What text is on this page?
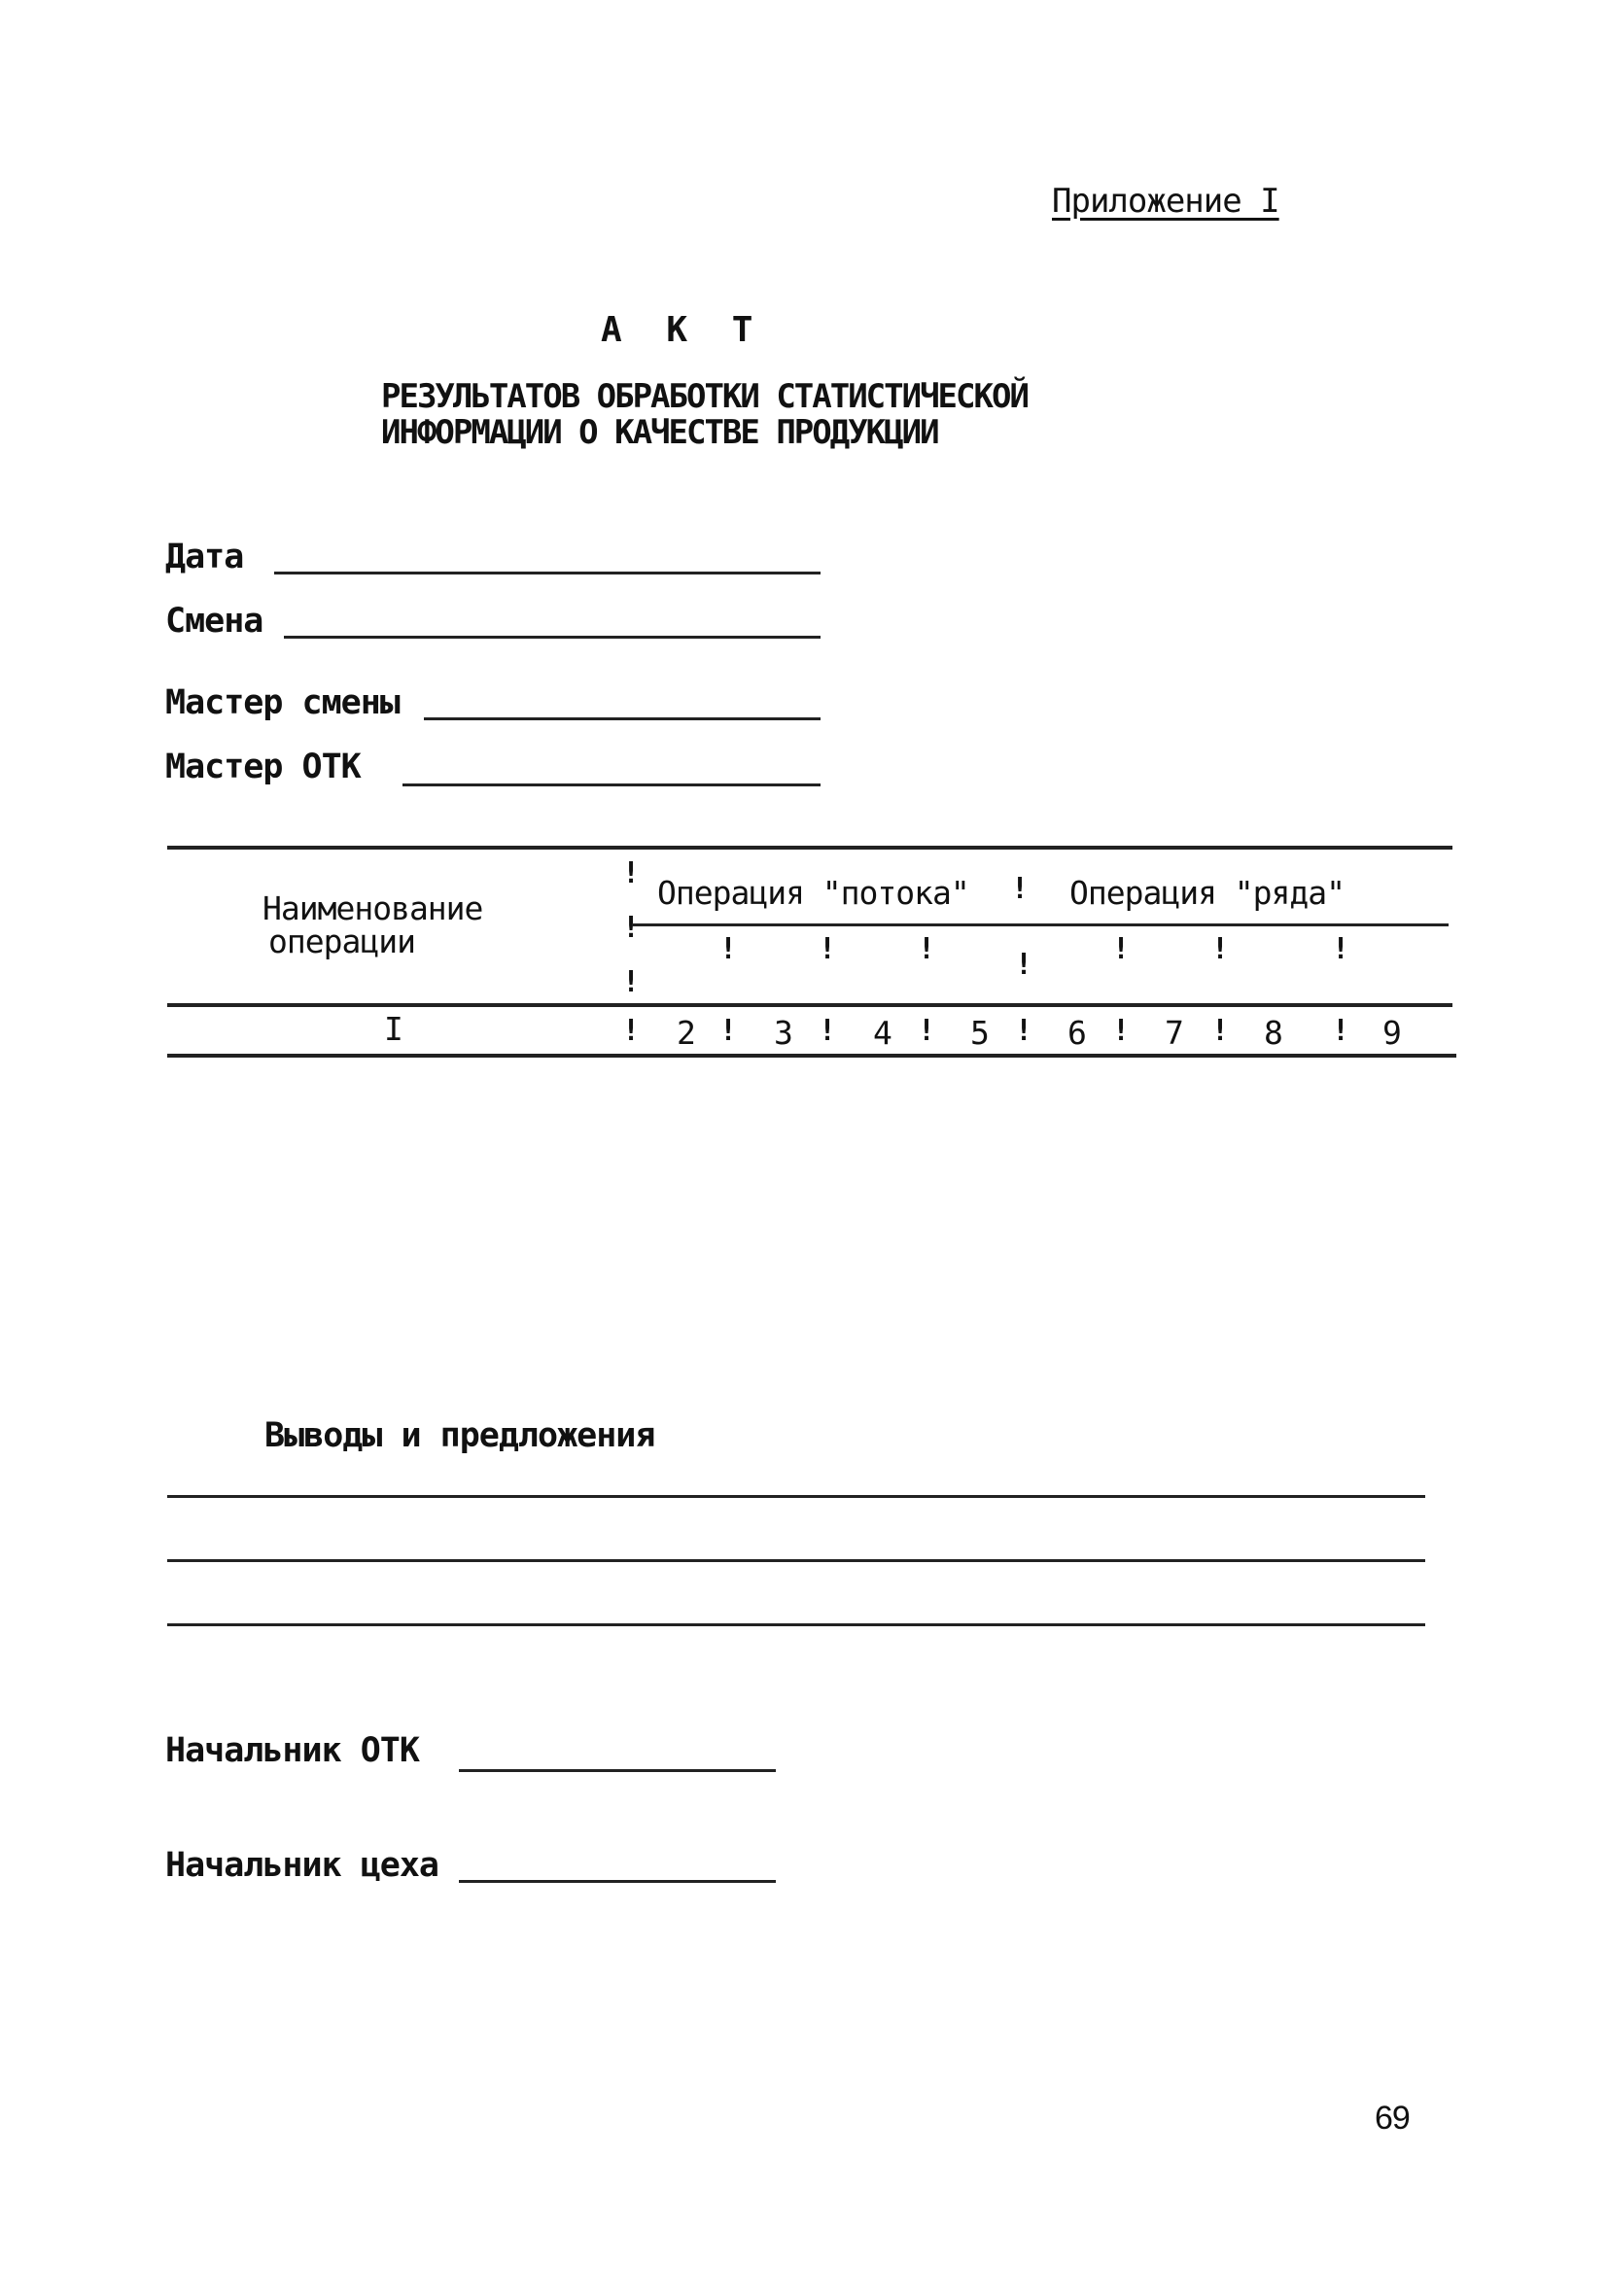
Приложение I
А К Т
РЕЗУЛЬТАТОВ ОБРАБОТКИ СТАТИСТИЧЕСКОЙ
ИНФОРМАЦИИ О КАЧЕСТВЕ ПРОДУКЦИИ
Дата
Смена
Мастер смены
Мастер ОТК
Наименование
операции
!
!
!
Операция "потока" ! Операция "ряда"
!	!	!	!	!	!	!
I	! 2 ! 3 ! 4 ! 5 ! 6 ! 7 ! 8 ! 9
Выводы и предложения
Начальник ОТК
Начальник цеха
69
